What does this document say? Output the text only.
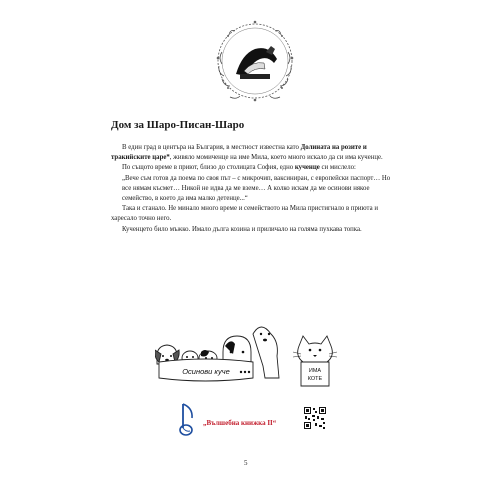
Дом за Шаро-Писан-Шаро

В един град в центъра на България, в местност известна като Долината на розите и тракийските царе*, живяло момиченце на име Мила, което много искало да си има кученце.

По същото време в приют, близо до столицата София, едно кученце си мислело:

„Вече съм готов да поема по своя път – с микрочип, ваксиниран, с европейски паспорт… Но все нямам късмет… Никой не идва да ме вземе… А колко искам да ме осинови някое семейство, в което да има малко детенце...“

Така и станало. Не минало много време и семейството на Мила пристигнало в приюта и харесало точно него.

Кученцето било мъжко. Имало дълга козина и приличало на голяма пухкава топка.

Осинови куче	ИМА
КОТЕ
„Вълшебна книжка II“
5
